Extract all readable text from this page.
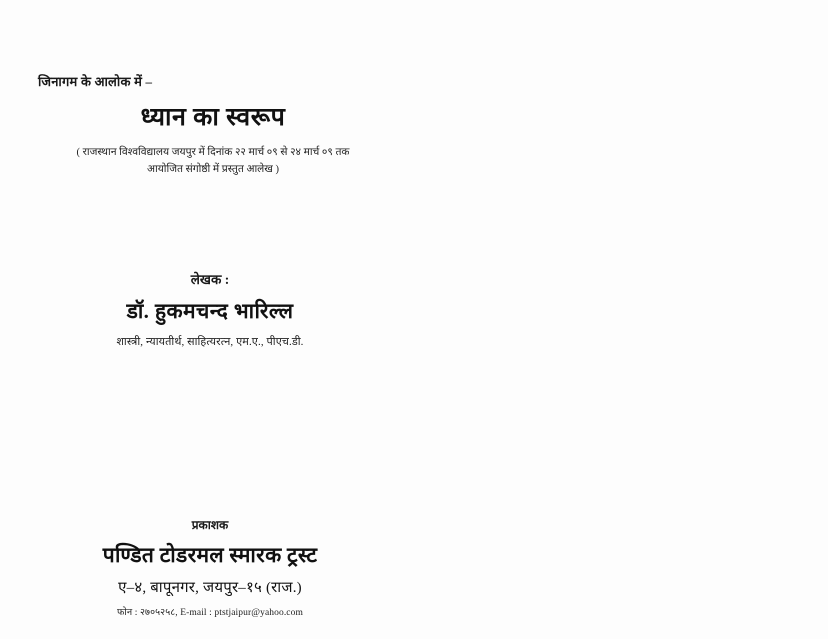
जिनागम के आलोक में –
ध्यान का स्वरूप
( राजस्थान विश्वविद्यालय जयपुर में दिनांक २२ मार्च ०९ से २४ मार्च ०९ तक
आयोजित संगोष्ठी में प्रस्तुत आलेख )
लेखक :
डॉ. हुकमचन्द भारिल्ल
शास्त्री, न्यायतीर्थ, साहित्यरत्न, एम.ए., पीएच.डी.
प्रकाशक
पण्डित टोडरमल स्मारक ट्रस्ट
ए–४, बापूनगर, जयपुर–१५ (राज.)
फोन : २७०५२५८, E-mail : ptstjaipur@yahoo.com
